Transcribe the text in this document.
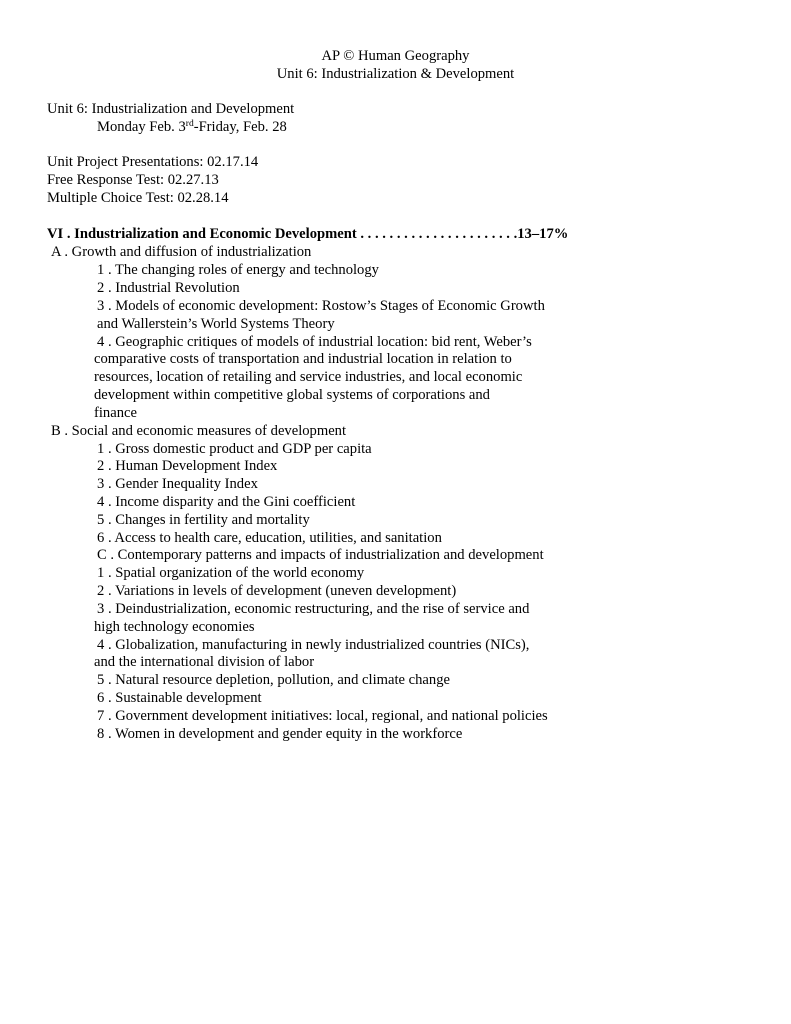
AP © Human Geography
Unit 6: Industrialization & Development
Unit 6: Industrialization and Development
Monday Feb. 3rd-Friday, Feb. 28
Unit Project Presentations: 02.17.14
Free Response Test: 02.27.13
Multiple Choice Test: 02.28.14
VI . Industrialization and Economic Development . . . . . . . . . . . . . . . . . . . . . .13–17%
A . Growth and diffusion of industrialization
1 . The changing roles of energy and technology
2 . Industrial Revolution
3 . Models of economic development: Rostow’s Stages of Economic Growth
and Wallerstein’s World Systems Theory
4 . Geographic critiques of models of industrial location: bid rent, Weber’s
comparative costs of transportation and industrial location in relation to
resources, location of retailing and service industries, and local economic
development within competitive global systems of corporations and
finance
B . Social and economic measures of development
1 . Gross domestic product and GDP per capita
2 . Human Development Index
3 . Gender Inequality Index
4 . Income disparity and the Gini coefficient
5 . Changes in fertility and mortality
6 . Access to health care, education, utilities, and sanitation
C . Contemporary patterns and impacts of industrialization and development
1 . Spatial organization of the world economy
2 . Variations in levels of development (uneven development)
3 . Deindustrialization, economic restructuring, and the rise of service and
high technology economies
4 . Globalization, manufacturing in newly industrialized countries (NICs),
and the international division of labor
5 . Natural resource depletion, pollution, and climate change
6 . Sustainable development
7 . Government development initiatives: local, regional, and national policies
8 . Women in development and gender equity in the workforce
